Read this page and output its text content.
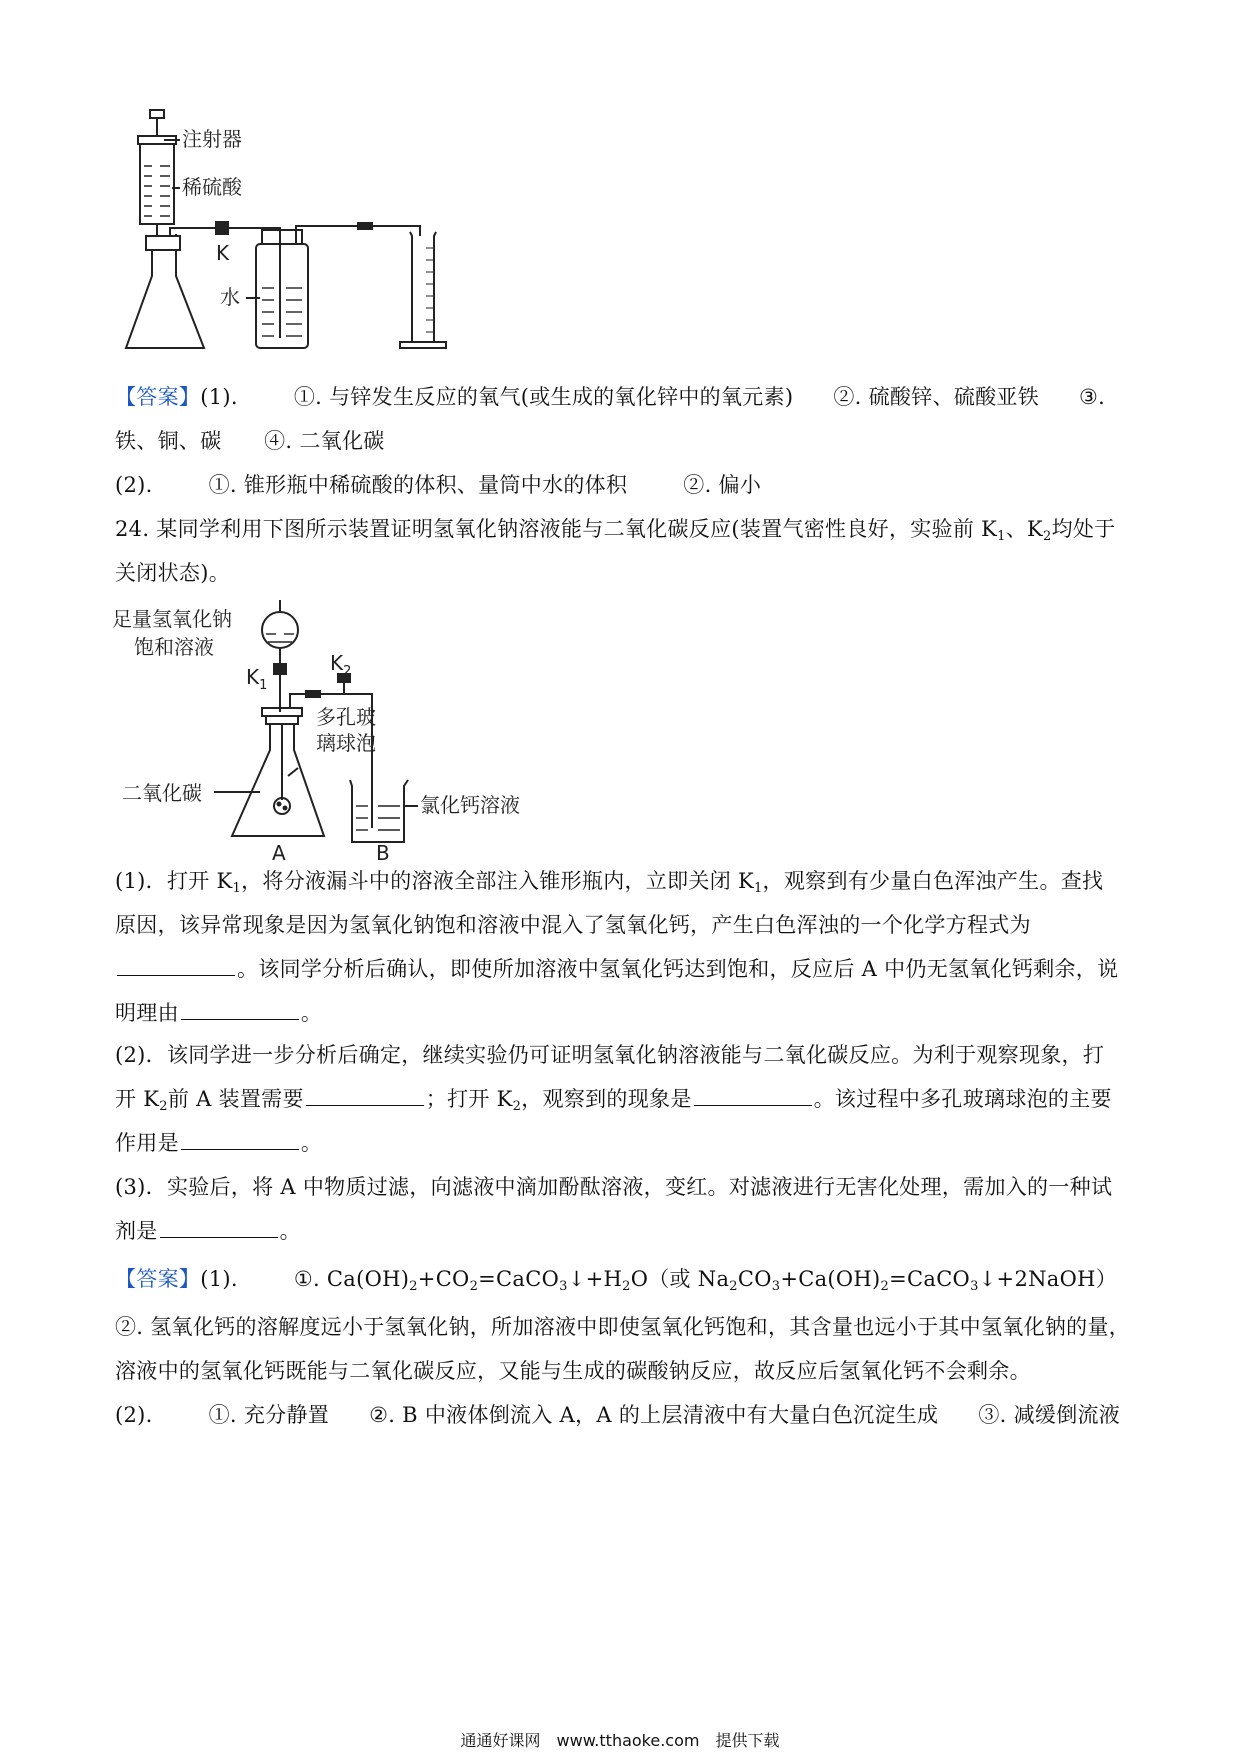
注射器
稀硫酸
K
水
【答案】(1).	①. 与锌发生反应的氧气(或生成的氧化锌中的氧元素) ②. 硫酸锌、硫酸亚铁 ③.
铁、铜、碳　　④. 二氧化碳
(2).	①. 锥形瓶中稀硫酸的体积、量筒中水的体积	②. 偏小
24. 某同学利用下图所示装置证明氢氧化钠溶液能与二氧化碳反应(装置气密性良好，实验前 $K_1$、$K_2$均处于
关闭状态)。
足量氢氧化钠
饱和溶液
$K_1$
$K_2$
多孔玻
璃球泡
二氧化碳	氯化钙溶液
A	B
(1)．打开 $K_1$，将分液漏斗中的溶液全部注入锥形瓶内，立即关闭 $K_1$，观察到有少量白色浑浊产生。查找
原因，该异常现象是因为氢氧化钠饱和溶液中混入了氢氧化钙，产生白色浑浊的一个化学方程式为
。该同学分析后确认，即使所加溶液中氢氧化钙达到饱和，反应后 A 中仍无氢氧化钙剩余，说
明理由	。
(2)．该同学进一步分析后确定，继续实验仍可证明氢氧化钠溶液能与二氧化碳反应。为利于观察现象，打
开 $K_2$前 A 装置需要	；打开 $K_2$，观察到的现象是	。该过程中多孔玻璃球泡的主要
作用是	。
(3)．实验后，将 A 中物质过滤，向滤液中滴加酚酞溶液，变红。对滤液进行无害化处理，需加入的一种试
剂是	。
【答案】(1).	①. $Ca(OH)_2+CO_2=CaCO_3↓+H_2O$（或 $Na_2CO_3+Ca(OH)_2=CaCO_3↓+2NaOH$）
②. 氢氧化钙的溶解度远小于氢氧化钠，所加溶液中即使氢氧化钙饱和，其含量也远小于其中氢氧化钠的量，
溶液中的氢氧化钙既能与二氧化碳反应，又能与生成的碳酸钠反应，故反应后氢氧化钙不会剩余。
(2).	①. 充分静置 ②. B 中液体倒流入 A，A 的上层清液中有大量白色沉淀生成 ③. 减缓倒流液
通通好课网　www.tthaoke.com　提供下载
